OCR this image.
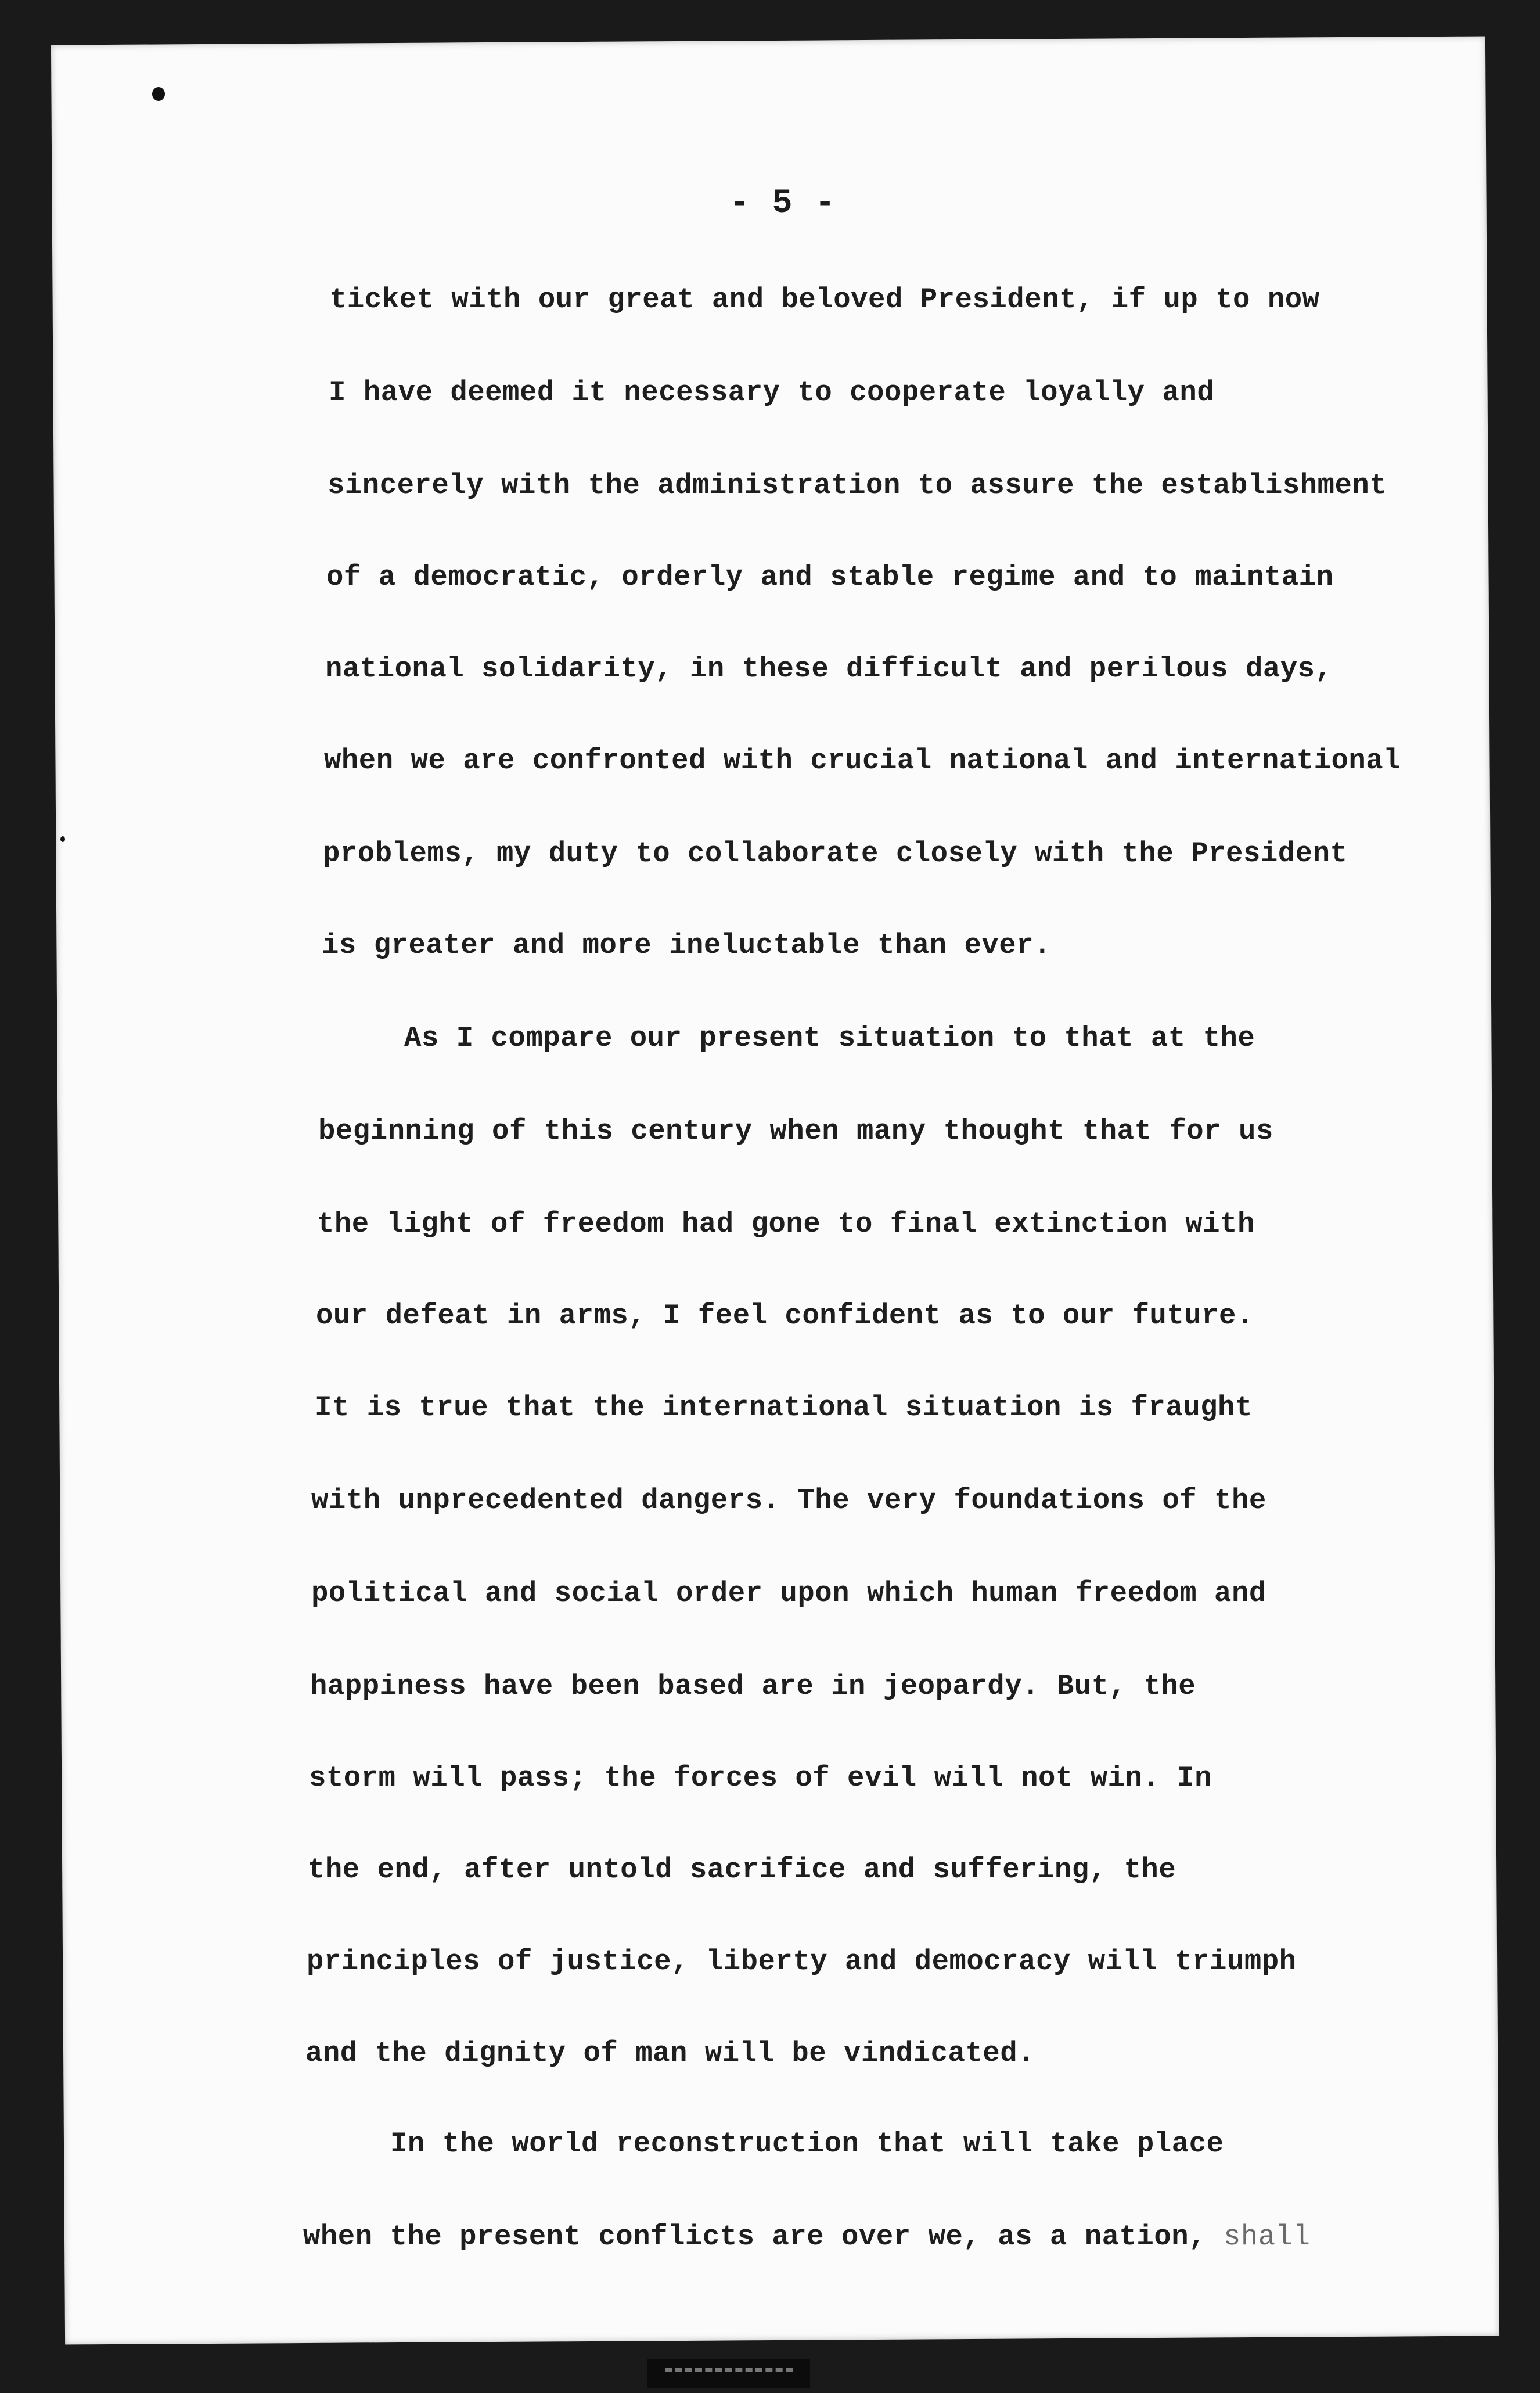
- 5 -
ticket with our great and beloved President, if up to now
I have deemed it necessary to cooperate loyally and
sincerely with the administration to assure the establishment
of a democratic, orderly and stable regime and to maintain
national solidarity, in these difficult and perilous days,
when we are confronted with crucial national and international
problems, my duty to collaborate closely with the President
is greater and more ineluctable than ever.
As I compare our present situation to that at the
beginning of this century when many thought that for us
the light of freedom had gone to final extinction with
our defeat in arms, I feel confident as to our future.
It is true that the international situation is fraught
with unprecedented dangers. The very foundations of the
political and social order upon which human freedom and
happiness have been based are in jeopardy. But, the
storm will pass; the forces of evil will not win. In
the end, after untold sacrifice and suffering, the
principles of justice, liberty and democracy will triumph
and the dignity of man will be vindicated.
In the world reconstruction that will take place
when the present conflicts are over we, as a nation, shall
